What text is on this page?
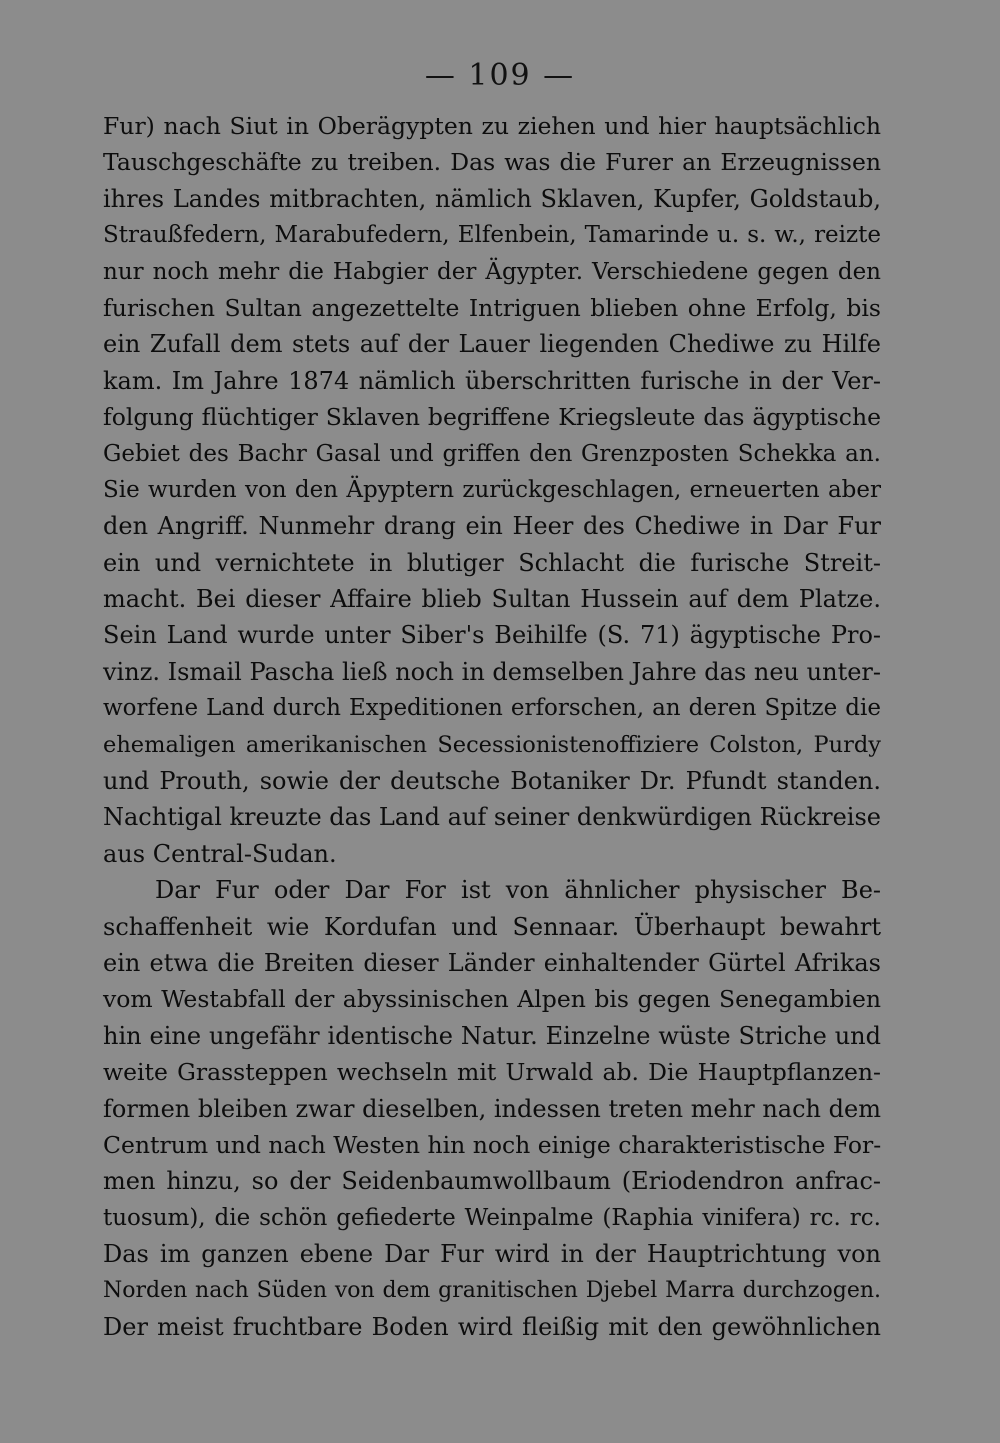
— 109 —
Fur) nach Siut in Oberägypten zu ziehen und hier hauptsächlich
Tauschgeschäfte zu treiben. Das was die Furer an Erzeugnissen
ihres Landes mitbrachten, nämlich Sklaven, Kupfer, Goldstaub,
Straußfedern, Marabufedern, Elfenbein, Tamarinde u. s. w., reizte
nur noch mehr die Habgier der Ägypter. Verschiedene gegen den
furischen Sultan angezettelte Intriguen blieben ohne Erfolg, bis
ein Zufall dem stets auf der Lauer liegenden Chediwe zu Hilfe
kam. Im Jahre 1874 nämlich überschritten furische in der Ver-
folgung flüchtiger Sklaven begriffene Kriegsleute das ägyptische
Gebiet des Bachr Gasal und griffen den Grenzposten Schekka an.
Sie wurden von den Äpyptern zurückgeschlagen, erneuerten aber
den Angriff. Nunmehr drang ein Heer des Chediwe in Dar Fur
ein und vernichtete in blutiger Schlacht die furische Streit-
macht. Bei dieser Affaire blieb Sultan Hussein auf dem Platze.
Sein Land wurde unter Siber's Beihilfe (S. 71) ägyptische Pro-
vinz. Ismail Pascha ließ noch in demselben Jahre das neu unter-
worfene Land durch Expeditionen erforschen, an deren Spitze die
ehemaligen amerikanischen Secessionistenoffiziere Colston, Purdy
und Prouth, sowie der deutsche Botaniker Dr. Pfundt standen.
Nachtigal kreuzte das Land auf seiner denkwürdigen Rückreise
aus Central-Sudan.
Dar Fur oder Dar For ist von ähnlicher physischer Be-
schaffenheit wie Kordufan und Sennaar. Überhaupt bewahrt
ein etwa die Breiten dieser Länder einhaltender Gürtel Afrikas
vom Westabfall der abyssinischen Alpen bis gegen Senegambien
hin eine ungefähr identische Natur. Einzelne wüste Striche und
weite Grassteppen wechseln mit Urwald ab. Die Hauptpflanzen-
formen bleiben zwar dieselben, indessen treten mehr nach dem
Centrum und nach Westen hin noch einige charakteristische For-
men hinzu, so der Seidenbaumwollbaum (Eriodendron anfrac-
tuosum), die schön gefiederte Weinpalme (Raphia vinifera) rc. rc.
Das im ganzen ebene Dar Fur wird in der Hauptrichtung von
Norden nach Süden von dem granitischen Djebel Marra durchzogen.
Der meist fruchtbare Boden wird fleißig mit den gewöhnlichen
